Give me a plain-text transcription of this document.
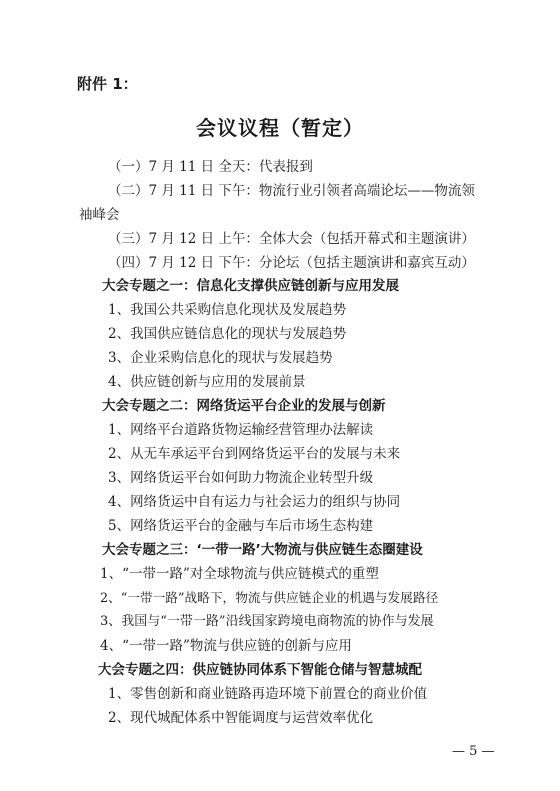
附件 1：
会议议程（暂定）
（一）7 月 11 日 全天：代表报到
（二）7 月 11 日 下午：物流行业引领者高端论坛——物流领
袖峰会
（三）7 月 12 日 上午：全体大会（包括开幕式和主题演讲）
（四）7 月 12 日 下午：分论坛（包括主题演讲和嘉宾互动）
大会专题之一：信息化支撑供应链创新与应用发展
1、我国公共采购信息化现状及发展趋势
2、我国供应链信息化的现状与发展趋势
3、企业采购信息化的现状与发展趋势
4、供应链创新与应用的发展前景
大会专题之二：网络货运平台企业的发展与创新
1、网络平台道路货物运输经营管理办法解读
2、从无车承运平台到网络货运平台的发展与未来
3、网络货运平台如何助力物流企业转型升级
4、网络货运中自有运力与社会运力的组织与协同
5、网络货运平台的金融与车后市场生态构建
大会专题之三：‘一带一路’大物流与供应链生态圈建设
1、“一带一路”对全球物流与供应链模式的重塑
2、“一带一路”战略下，物流与供应链企业的机遇与发展路径
3、我国与“一带一路”沿线国家跨境电商物流的协作与发展
4、“一带一路”物流与供应链的创新与应用
大会专题之四：供应链协同体系下智能仓储与智慧城配
1、零售创新和商业链路再造环境下前置仓的商业价值
2、现代城配体系中智能调度与运营效率优化
— 5 —
